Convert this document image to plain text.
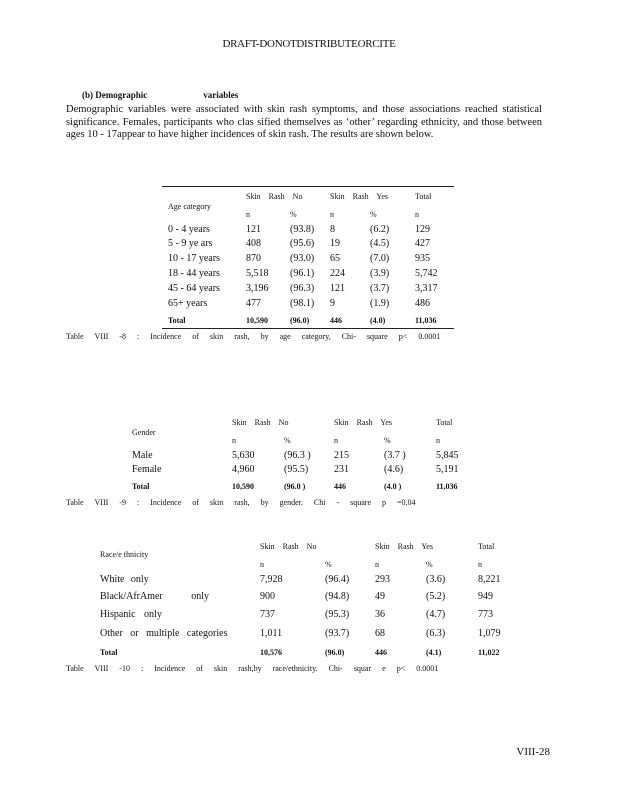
DRAFT-DONOTDISTRIBUTEORCITE
(b) Demographic	variables
Demographic variables were associated with skin rash symptoms, and those associations reached statistical significance. Females, participants who clas sified themselves as ‘other’ regarding ethnicity, and those between ages 10 - 17appear to have higher incidences of skin rash. The results are shown below.
Age category
Skin Rash No	Skin Rash Yes	Total
n	%	n	%	n
0 - 4 years	121	(93.8) 8	(6.2)	129
5 - 9 ye ars	408	(95.6) 19	(4.5)	427
10 - 17 years	870	(93.0) 65	(7.0)	935
18 - 44 years	5,518 (96.1) 224	(3.9)	5,742
45 - 64 years	3,196 (96.3) 121	(3.7)	3,317
65+ years	477	(98.1) 9	(1.9)	486
Total	10,590	(96.0)	446	(4.0)	11,036
Table VIII -8 : Incidence of skin rash, by age category, Chi- square p< 0.0001
Gender
Skin Rash No	Skin Rash Yes	Total
n	%	n	%	n
Male	5,630	(96.3 ) 215	(3.7 )	5,845
Female	4,960	(95.5)	231	(4.6)	5,191
Total	10,590	(96.0 )	446	(4.0 )	11,036
Table VIII -9 : Incidence of skin rash, by gender. Chi - square p =0.04
Race/e thnicity
Skin Rash No	Skin Rash Yes	Total
n	%	n	%	n
White only	7,928	(96.4)	293	(3.6)	8,221
Black/AfrAmer only	900	(94.8)	49	(5.2)	949
Hispanic only	737	(95.3)	36	(4.7)	773
Other or multiple categories	1,011	(93.7)	68	(6.3)	1,079
Total	10,576	(96.0)	446	(4.1)	11,022
Table VIII -10 : Incidence of skin rash,by race/ethnicity. Chi- squar e p< 0.0001
VIII-28
